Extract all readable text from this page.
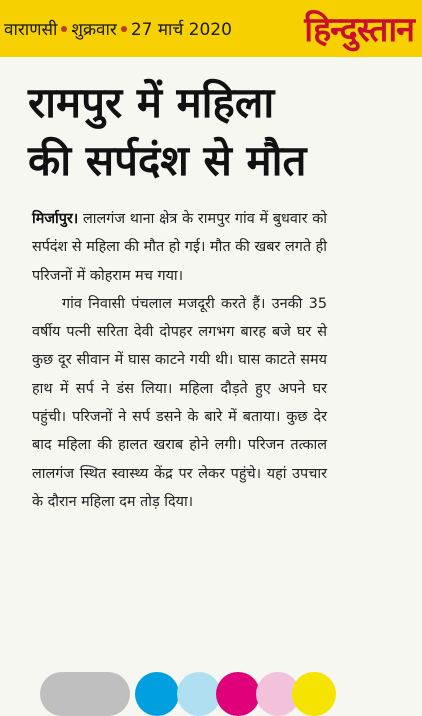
वाराणसी शुक्रवार 27 मार्च 2020 हिन्दुस्तान
रामपुर में महिला
की सर्पदंश से मौत

मिर्जापुर। लालगंज थाना क्षेत्र के रामपुर गांव में बुधवार को सर्पदंश से महिला की मौत हो गई। मौत की खबर लगते ही परिजनों में कोहराम मच गया।

गांव निवासी पंचलाल मजदूरी करते हैं। उनकी 35 वर्षीय पत्नी सरिता देवी दोपहर लगभग बारह बजे घर से कुछ दूर सीवान में घास काटने गयी थी। घास काटते समय हाथ में सर्प ने डंस लिया। महिला दौड़ते हुए अपने घर पहुंची। परिजनों ने सर्प डसने के बारे में बताया। कुछ देर बाद महिला की हालत खराब होने लगी। परिजन तत्काल लालगंज स्थित स्वास्थ्य केंद्र पर लेकर पहुंचे। यहां उपचार के दौरान महिला दम तोड़ दिया।
